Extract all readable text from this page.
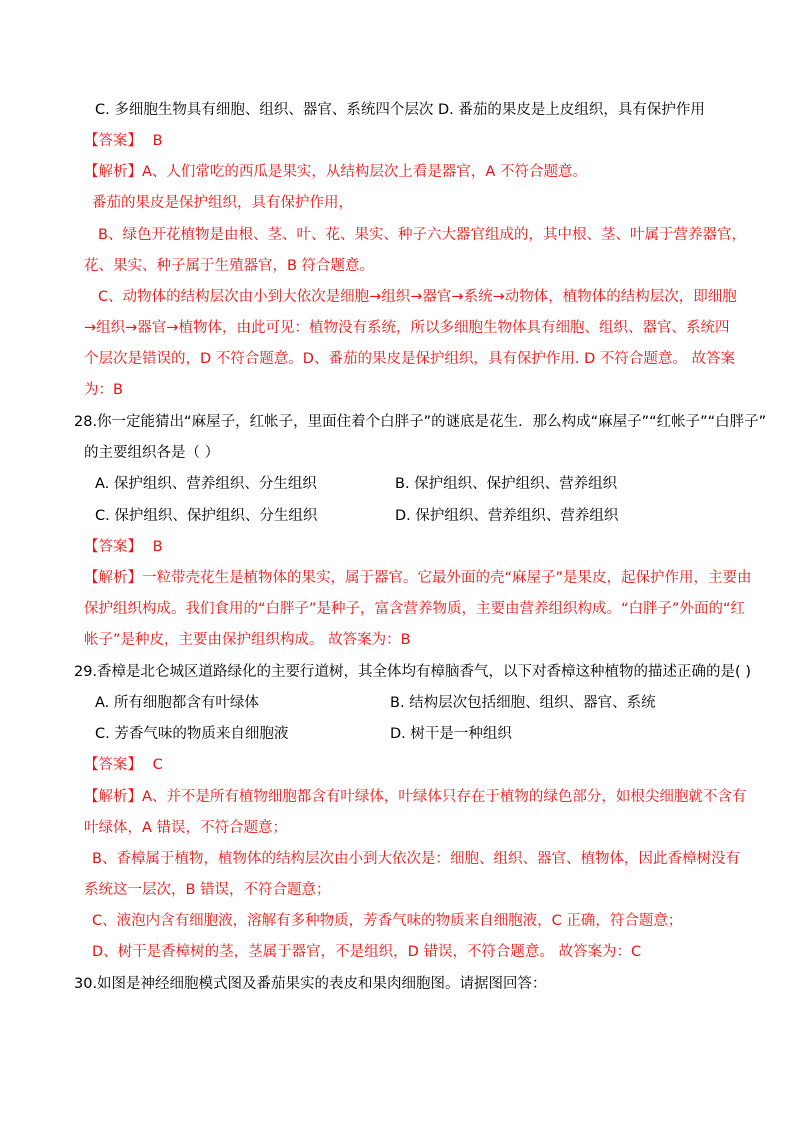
C. 多细胞生物具有细胞、组织、器官、系统四个层次 D. 番茄的果皮是上皮组织，具有保护作用
【答案】 B
【解析】A、人们常吃的西瓜是果实，从结构层次上看是器官，A 不符合题意。
番茄的果皮是保护组织，具有保护作用，
B、绿色开花植物是由根、茎、叶、花、果实、种子六大器官组成的，其中根、茎、叶属于营养器官，
花、果实、种子属于生殖器官，B 符合题意。
C、动物体的结构层次由小到大依次是细胞→组织→器官→系统→动物体，植物体的结构层次，即细胞
→组织→器官→植物体，由此可见：植物没有系统，所以多细胞生物体具有细胞、组织、器官、系统四
个层次是错误的，D 不符合题意。D、番茄的果皮是保护组织，具有保护作用. D 不符合题意。 故答案
为：B
28.你一定能猜出“麻屋子，红帐子，里面住着个白胖子”的谜底是花生．那么构成“麻屋子”“红帐子”“白胖子”
的主要组织各是（ ）
A. 保护组织、营养组织、分生组织	B. 保护组织、保护组织、营养组织
C. 保护组织、保护组织、分生组织	D. 保护组织、营养组织、营养组织
【答案】 B
【解析】一粒带壳花生是植物体的果实，属于器官。它最外面的壳“麻屋子”是果皮，起保护作用，主要由
保护组织构成。我们食用的“白胖子”是种子，富含营养物质，主要由营养组织构成。“白胖子”外面的“红
帐子”是种皮，主要由保护组织构成。 故答案为：B
29.香樟是北仑城区道路绿化的主要行道树，其全体均有樟脑香气，以下对香樟这种植物的描述正确的是( )
A. 所有细胞都含有叶绿体	B. 结构层次包括细胞、组织、器官、系统
C. 芳香气味的物质来自细胞液	D. 树干是一种组织
【答案】 C
【解析】A、并不是所有植物细胞都含有叶绿体，叶绿体只存在于植物的绿色部分，如根尖细胞就不含有
叶绿体，A 错误，不符合题意；
B、香樟属于植物，植物体的结构层次由小到大依次是：细胞、组织、器官、植物体，因此香樟树没有
系统这一层次，B 错误，不符合题意；
C、液泡内含有细胞液，溶解有多种物质，芳香气味的物质来自细胞液，C 正确，符合题意；
D、树干是香樟树的茎，茎属于器官，不是组织，D 错误，不符合题意。 故答案为：C
30.如图是神经细胞模式图及番茄果实的表皮和果肉细胞图。请据图回答：
